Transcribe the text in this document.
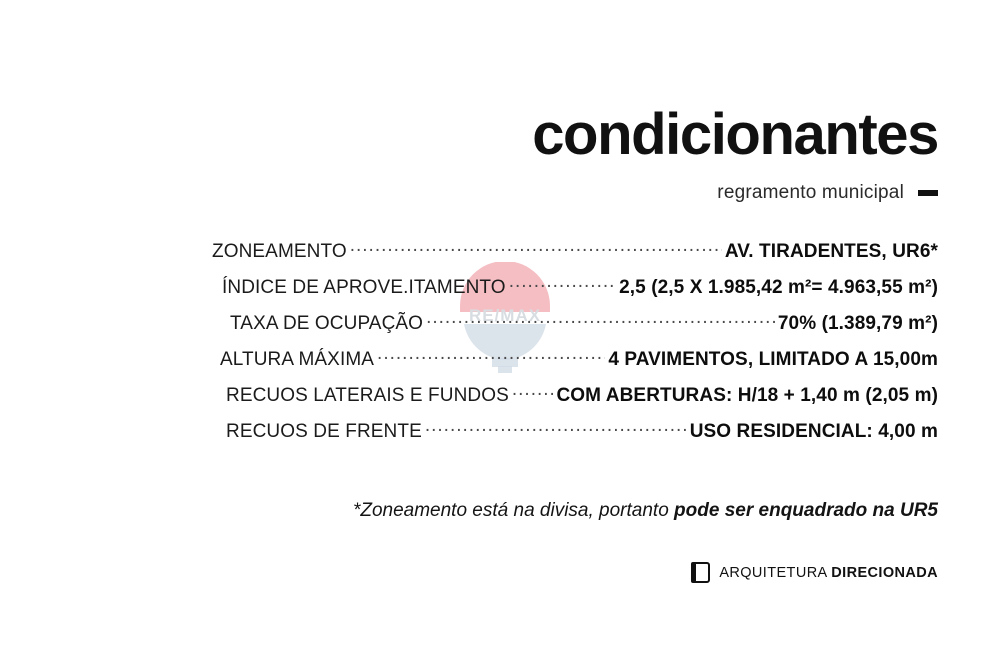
RE/MAX
condicionantes
regramento municipal
ZONEAMENTO .....	AV. TIRADENTES, UR6*
ÍNDICE DE APROVE.ITAMENTO .....	2,5 (2,5 X 1.985,42 m²= 4.963,55 m²)
TAXA DE OCUPAÇÃO .....	70% (1.389,79 m²)
ALTURA MÁXIMA .....	4 PAVIMENTOS, LIMITADO A 15,00m
RECUOS LATERAIS E FUNDOS .....	COM ABERTURAS: H/18 + 1,40 m (2,05 m)
RECUOS DE FRENTE .....	USO RESIDENCIAL: 4,00 m
*Zoneamento está na divisa, portanto pode ser enquadrado na UR5
ARQUITETURA DIRECIONADA
